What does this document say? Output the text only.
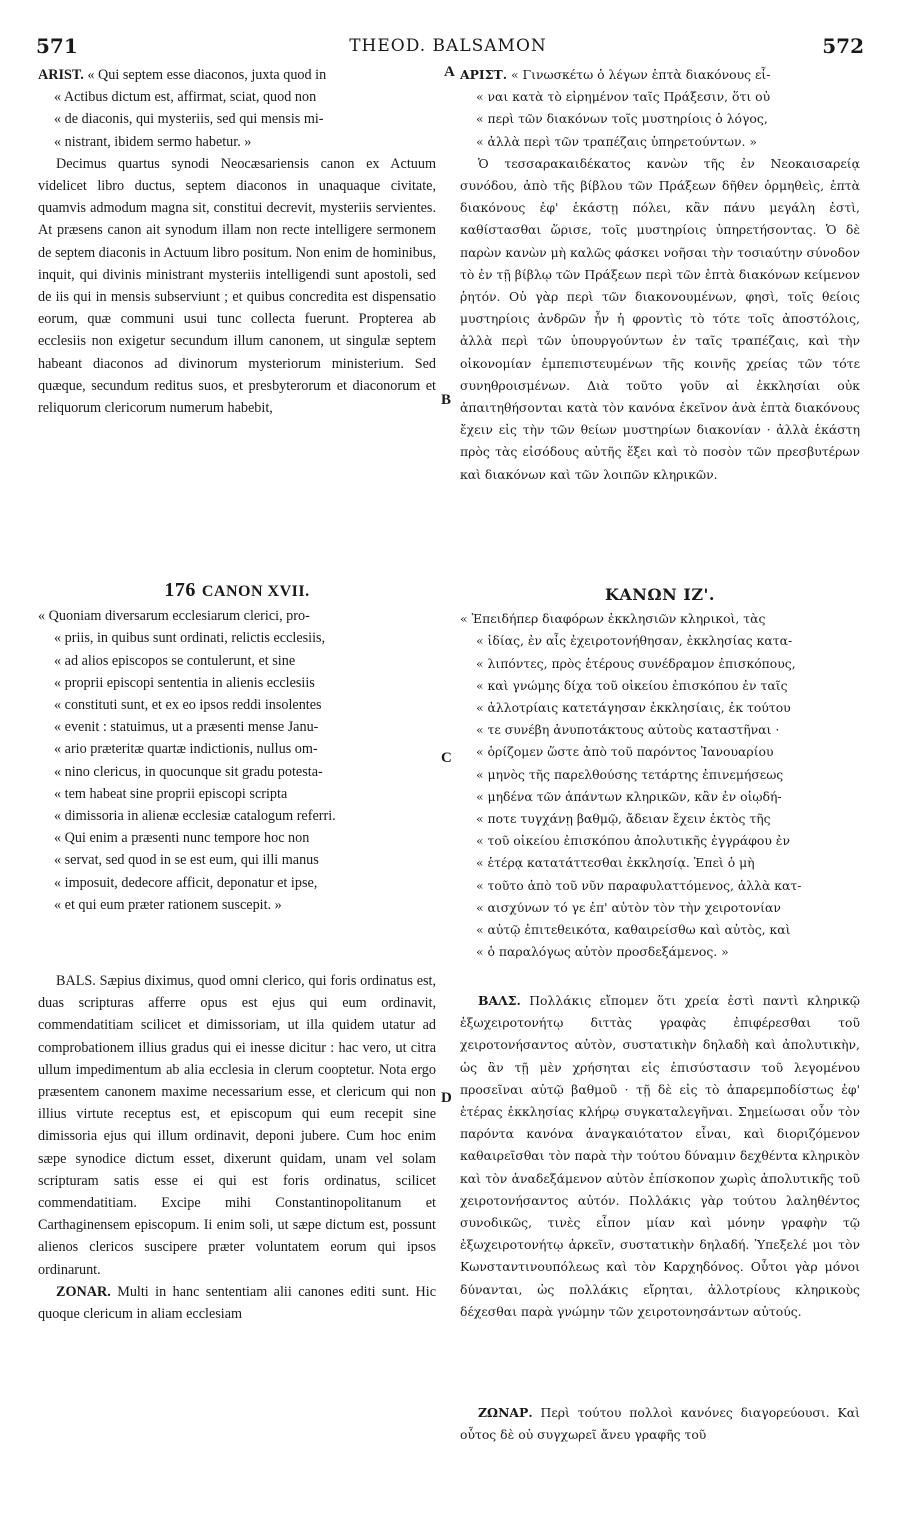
571	THEOD. BALSAMON	572
A
B
C
D

ARIST. « Qui septem esse diaconos, juxta quod in

« Actibus dictum est, affirmat, sciat, quod non

« de diaconis, qui mysteriis, sed qui mensis mi-

« nistrant, ibidem sermo habetur. »

Decimus quartus synodi Neocæsariensis canon ex Actuum videlicet libro ductus, septem diaconos in unaquaque civitate, quamvis admodum magna sit, constitui decrevit, mysteriis servientes. At præsens canon ait synodum illam non recte intelligere sermonem de septem diaconis in Actuum libro positum. Non enim de hominibus, inquit, qui divinis ministrant mysteriis intelligendi sunt apostoli, sed de iis qui in mensis subserviunt ; et quibus concredita est dispensatio eorum, quæ communi usui tunc collecta fuerunt. Propterea ab ecclesiis non exigetur secundum illum canonem, ut singulæ septem habeant diaconos ad divinorum mysteriorum ministerium. Sed quæque, secundum reditus suos, et presbyterorum et diaconorum et reliquorum clericorum numerum habebit,

176 CANON XVII.

« Quoniam diversarum ecclesiarum clerici, pro-

« priis, in quibus sunt ordinati, relictis ecclesiis,

« ad alios episcopos se contulerunt, et sine

« proprii episcopi sententia in alienis ecclesiis

« constituti sunt, et ex eo ipsos reddi insolentes

« evenit : statuimus, ut a præsenti mense Janu-

« ario præteritæ quartæ indictionis, nullus om-

« nino clericus, in quocunque sit gradu potesta-

« tem habeat sine proprii episcopi scripta

« dimissoria in alienæ ecclesiæ catalogum referri.

« Qui enim a præsenti nunc tempore hoc non

« servat, sed quod in se est eum, qui illi manus

« imposuit, dedecore afficit, deponatur et ipse,

« et qui eum præter rationem suscepit. »

BALS. Sæpius diximus, quod omni clerico, qui foris ordinatus est, duas scripturas afferre opus est ejus qui eum ordinavit, commendatitiam scilicet et dimissoriam, ut illa quidem utatur ad comprobationem illius gradus qui ei inesse dicitur : hac vero, ut citra ullum impedimentum ab alia ecclesia in clerum cooptetur. Nota ergo præsentem canonem maxime necessarium esse, et clericum qui non illius virtute receptus est, et episcopum qui eum recepit sine dimissoria ejus qui illum ordinavit, deponi jubere. Cum hoc enim sæpe synodice dictum esset, dixerunt quidam, unam vel solam scripturam satis esse ei qui est foris ordinatus, scilicet commendatitiam. Excipe mihi Constantinopolitanum et Carthaginensem episcopum. Ii enim soli, ut sæpe dictum est, possunt alienos clericos suscipere præter voluntatem eorum qui ipsos ordinarunt.

ZONAR. Multi in hanc sententiam alii canones editi sunt. Hic quoque clericum in aliam ecclesiam

ΑΡΙΣΤ. « Γινωσκέτω ὁ λέγων ἑπτὰ διακόνους εἶ-

« ναι κατὰ τὸ εἰρημένον ταῖς Πράξεσιν, ὅτι οὐ

« περὶ τῶν διακόνων τοῖς μυστηρίοις ὁ λόγος,

« ἀλλὰ περὶ τῶν τραπέζαις ὑπηρετούντων. »

Ὁ τεσσαρακαιδέκατος κανὼν τῆς ἐν Νεοκαισαρείᾳ συνόδου, ἀπὸ τῆς βίβλου τῶν Πράξεων δῆθεν ὁρμηθεὶς, ἑπτὰ διακόνους ἐφ' ἑκάστῃ πόλει, κἂν πάνυ μεγάλη ἐστὶ, καθίστασθαι ὥρισε, τοῖς μυστηρίοις ὑπηρετήσοντας. Ὁ δὲ παρὼν κανὼν μὴ καλῶς φάσκει νοῆσαι τὴν τοσιαύτην σύνοδον τὸ ἐν τῇ βίβλῳ τῶν Πράξεων περὶ τῶν ἑπτὰ διακόνων κείμενον ῥητόν. Οὐ γὰρ περὶ τῶν διακονουμένων, φησὶ, τοῖς θείοις μυστηρίοις ἀνδρῶν ἦν ἡ φροντὶς τὸ τότε τοῖς ἀποστόλοις, ἀλλὰ περὶ τῶν ὑπουργούντων ἐν ταῖς τραπέζαις, καὶ τὴν οἰκονομίαν ἐμπεπιστευμένων τῆς κοινῆς χρείας τῶν τότε συνηθροισμένων. Διὰ τοῦτο γοῦν αἱ ἐκκλησίαι οὐκ ἀπαιτηθήσονται κατὰ τὸν κανόνα ἐκεῖνον ἀνὰ ἑπτὰ διακόνους ἔχειν εἰς τὴν τῶν θείων μυστηρίων διακονίαν · ἀλλὰ ἑκάστη πρὸς τὰς εἰσόδους αὐτῆς ἕξει καὶ τὸ ποσὸν τῶν πρεσβυτέρων καὶ διακόνων καὶ τῶν λοιπῶν κληρικῶν.

ΚΑΝΩΝ ΙΖ'.

« Ἐπειδήπερ διαφόρων ἐκκλησιῶν κληρικοὶ, τὰς

« ἰδίας, ἐν αἷς ἐχειροτονήθησαν, ἐκκλησίας κατα-

« λιπόντες, πρὸς ἑτέρους συνέδραμον ἐπισκόπους,

« καὶ γνώμης δίχα τοῦ οἰκείου ἐπισκόπου ἐν ταῖς

« ἀλλοτρίαις κατετάγησαν ἐκκλησίαις, ἐκ τούτου

« τε συνέβη ἀνυποτάκτους αὐτοὺς καταστῆναι ·

« ὁρίζομεν ὥστε ἀπὸ τοῦ παρόντος Ἰανουαρίου

« μηνὸς τῆς παρελθούσης τετάρτης ἐπινεμήσεως

« μηδένα τῶν ἁπάντων κληρικῶν, κἂν ἐν οἱῳδή-

« ποτε τυγχάνῃ βαθμῷ, ἄδειαν ἔχειν ἐκτὸς τῆς

« τοῦ οἰκείου ἐπισκόπου ἀπολυτικῆς ἐγγράφου ἐν

« ἑτέρᾳ κατατάττεσθαι ἐκκλησίᾳ. Ἐπεὶ ὁ μὴ

« τοῦτο ἀπὸ τοῦ νῦν παραφυλαττόμενος, ἀλλὰ κατ-

« αισχύνων τό γε ἐπ' αὐτὸν τὸν τὴν χειροτονίαν

« αὐτῷ ἐπιτεθεικότα, καθαιρείσθω καὶ αὐτὸς, καὶ

« ὁ παραλόγως αὐτὸν προσδεξάμενος. »

ΒΑΛΣ. Πολλάκις εἴπομεν ὅτι χρεία ἐστὶ παντὶ κληρικῷ ἐξωχειροτονήτῳ διττὰς γραφὰς ἐπιφέρεσθαι τοῦ χειροτονήσαντος αὐτὸν, συστατικὴν δηλαδὴ καὶ ἀπολυτικὴν, ὡς ἂν τῇ μὲν χρήσηται εἰς ἐπισύστασιν τοῦ λεγομένου προσεῖναι αὐτῷ βαθμοῦ · τῇ δὲ εἰς τὸ ἀπαρεμποδίστως ἐφ' ἑτέρας ἐκκλησίας κλήρῳ συγκαταλεγῆναι. Σημείωσαι οὖν τὸν παρόντα κανόνα ἀναγκαιότατον εἶναι, καὶ διοριζόμενον καθαιρεῖσθαι τὸν παρὰ τὴν τούτου δύναμιν δεχθέντα κληρικὸν καὶ τὸν ἀναδεξάμενον αὐτὸν ἐπίσκοπον χωρὶς ἀπολυτικῆς τοῦ χειροτονήσαντος αὐτόν. Πολλάκις γὰρ τούτου λαληθέντος συνοδικῶς, τινὲς εἶπον μίαν καὶ μόνην γραφὴν τῷ ἐξωχειροτονήτῳ ἀρκεῖν, συστατικὴν δηλαδή. Ὑπεξελέ μοι τὸν Κωνσταντινουπόλεως καὶ τὸν Καρχηδόνος. Οὗτοι γὰρ μόνοι δύνανται, ὡς πολλάκις εἴρηται, ἀλλοτρίους κληρικοὺς δέχεσθαι παρὰ γνώμην τῶν χειροτονησάντων αὐτούς.

ΖΩΝΑΡ. Περὶ τούτου πολλοὶ κανόνες διαγορεύουσι. Καὶ οὗτος δὲ οὐ συγχωρεῖ ἄνευ γραφῆς τοῦ
